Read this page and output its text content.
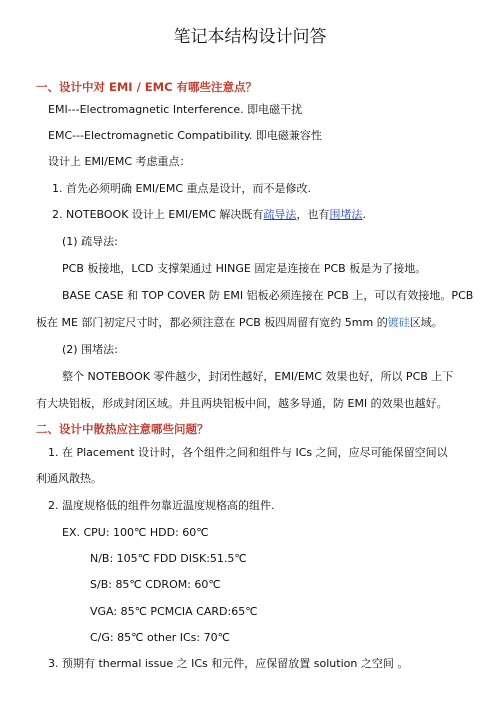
笔记本结构设计问答
一、设计中对 EMI / EMC 有哪些注意点？
EMI---Electromagnetic Interference. 即电磁干扰
EMC---Electromagnetic Compatibility. 即电磁兼容性
设计上 EMI/EMC 考虑重点：
1. 首先必须明确 EMI/EMC 重点是设计，而不是修改.
2. NOTEBOOK 设计上 EMI/EMC 解决既有疏导法，也有围堵法.
(1) 疏导法:
PCB 板接地，LCD 支撑架通过 HINGE 固定是连接在 PCB 板是为了接地。
BASE CASE 和 TOP COVER 防 EMI 铝板必须连接在 PCB 上，可以有效接地。PCB
板在 ME 部门初定尺寸时，都必须注意在 PCB 板四周留有宽约 5mm 的镀硅区域。
(2) 围堵法:
整个 NOTEBOOK 零件越少，封闭性越好，EMI/EMC 效果也好，所以 PCB 上下
有大块铝板，形成封闭区域。并且两块铝板中间，越多导通，防 EMI 的效果也越好。
二、设计中散热应注意哪些问题？
1. 在 Placement 设计时，各个组件之间和组件与 ICs 之间，应尽可能保留空间以
利通风散热。
2. 温度规格低的组件勿靠近温度规格高的组件.
EX. CPU: 100℃ HDD: 60℃
N/B: 105℃ FDD DISK:51.5℃
S/B: 85℃ CDROM: 60℃
VGA: 85℃ PCMCIA CARD:65℃
C/G: 85℃ other ICs: 70℃
3. 预期有 thermal issue 之 ICs 和元件，应保留放置 solution 之空间 。
